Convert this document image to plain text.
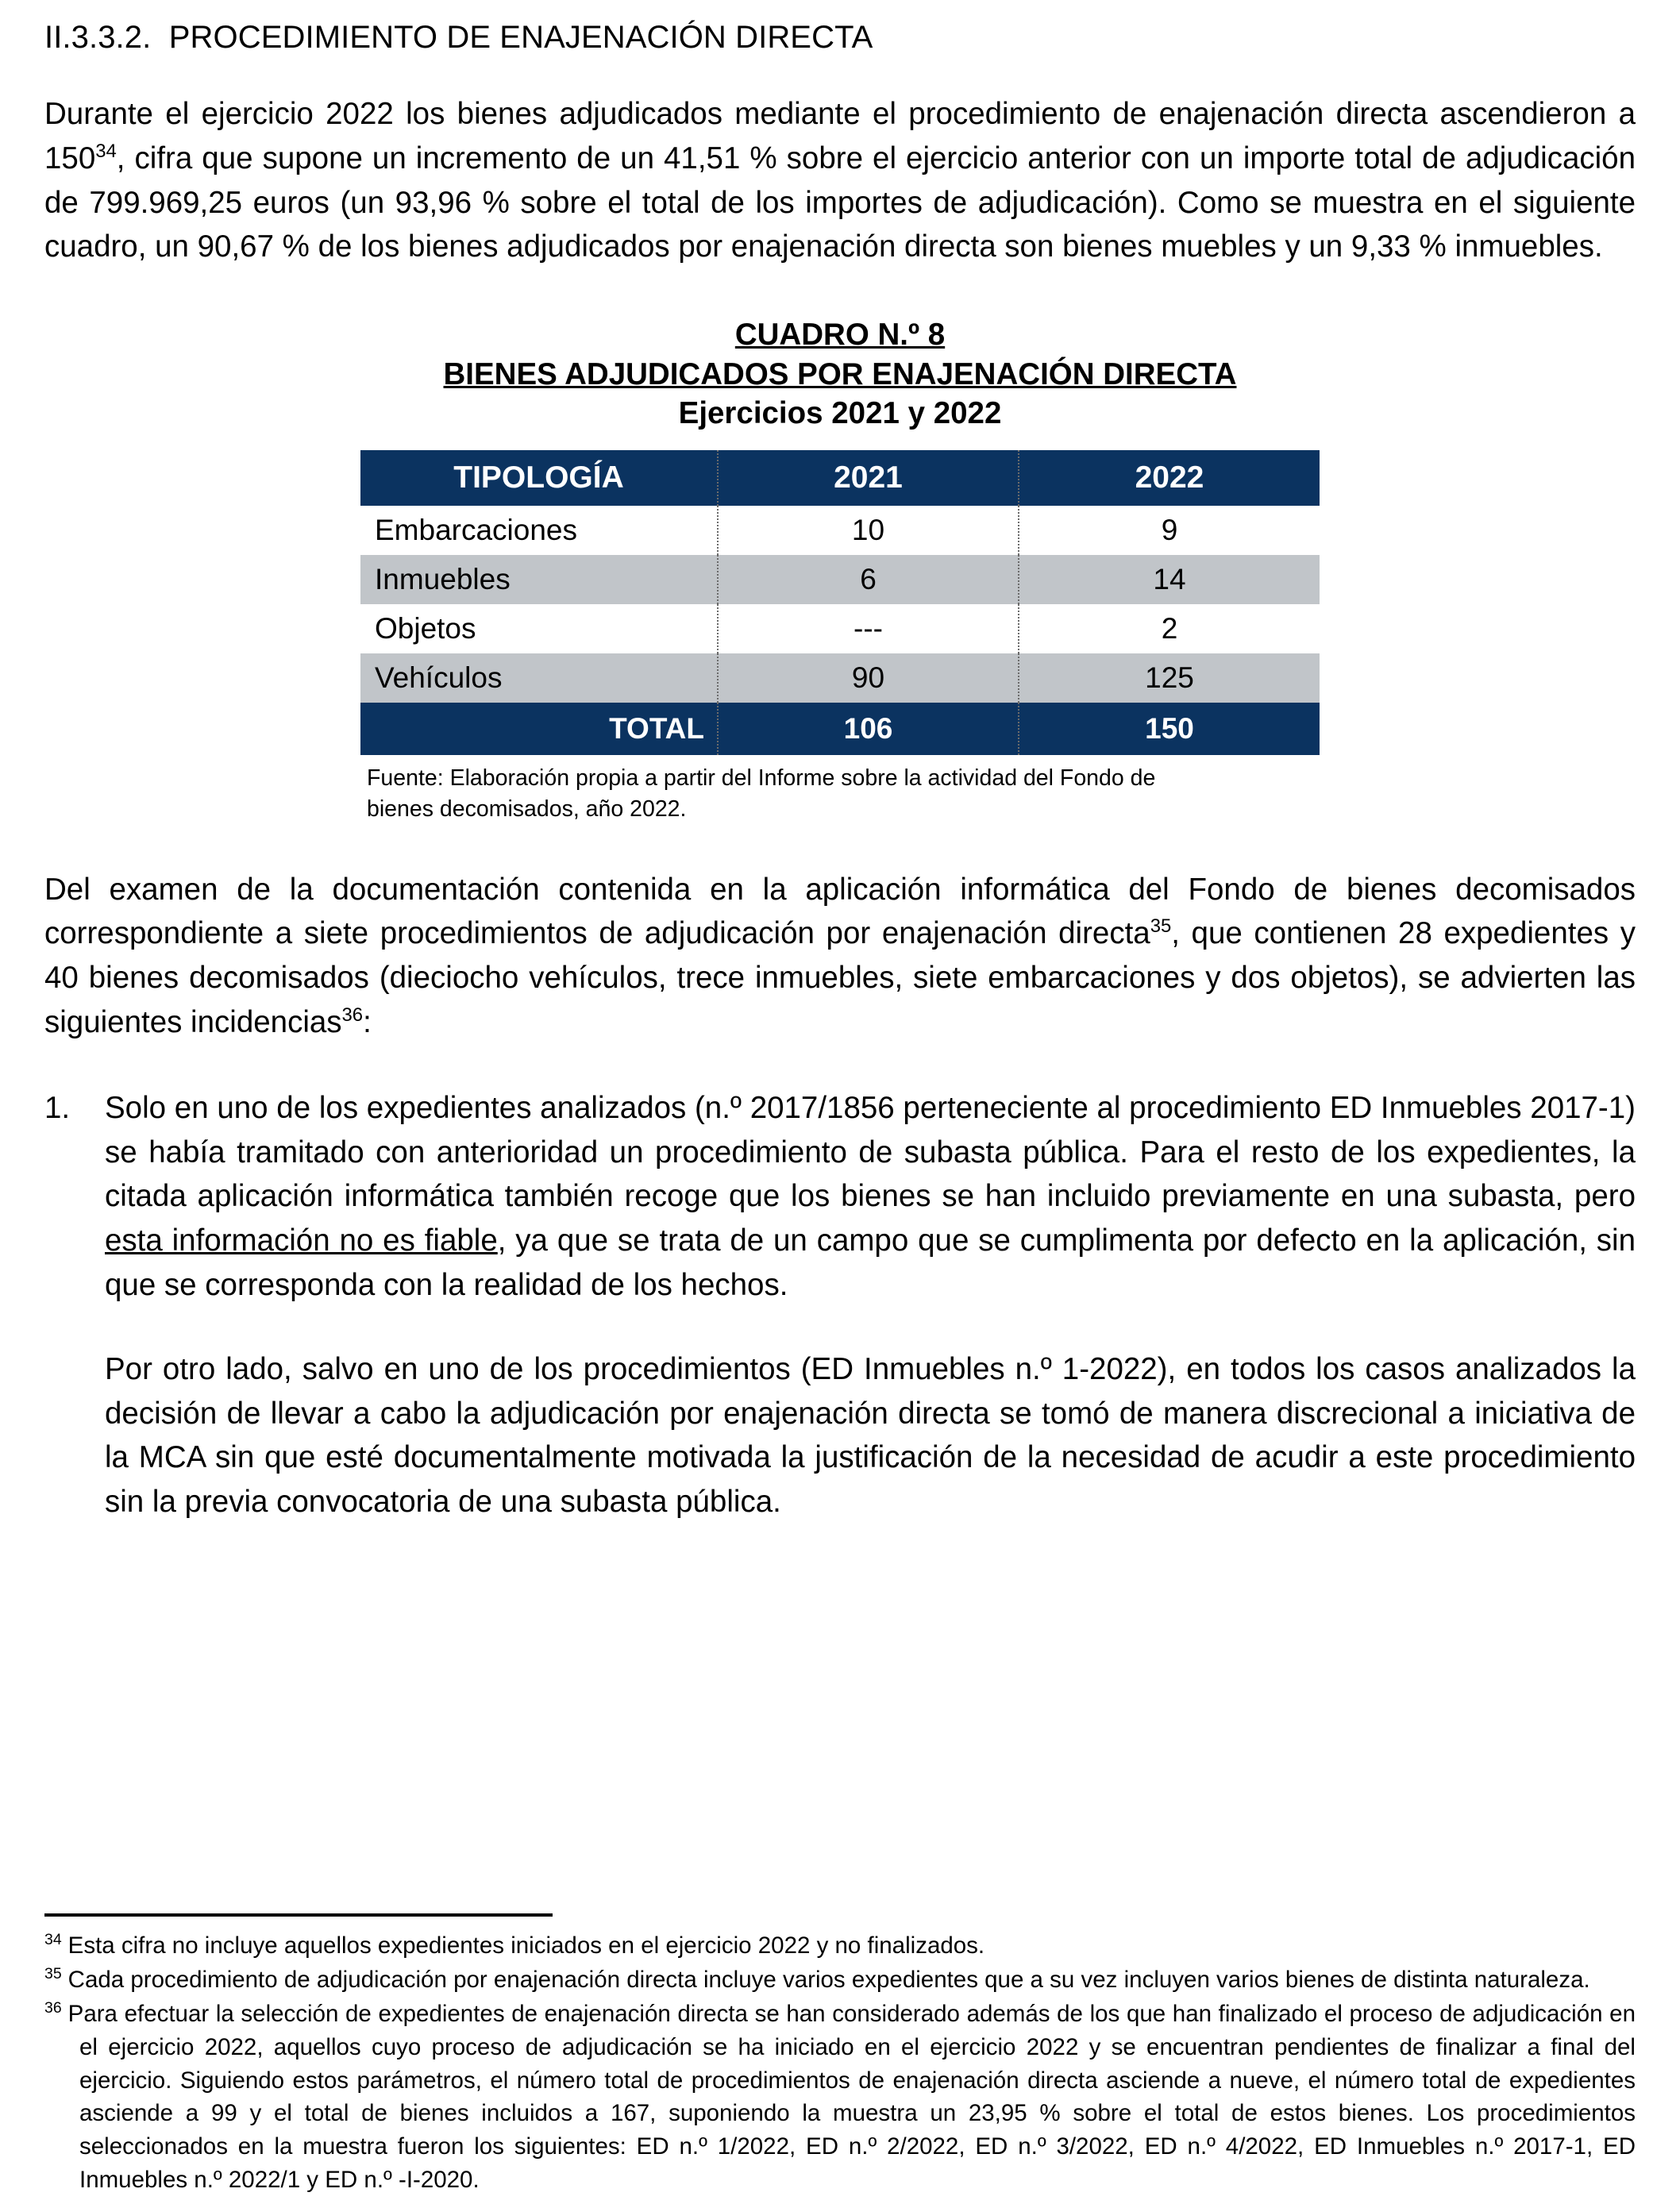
II.3.3.2.  PROCEDIMIENTO DE ENAJENACIÓN DIRECTA

Durante el ejercicio 2022 los bienes adjudicados mediante el procedimiento de enajenación directa ascendieron a 150$^{34}$, cifra que supone un incremento de un 41,51 % sobre el ejercicio anterior con un importe total de adjudicación de 799.969,25 euros (un 93,96 % sobre el total de los importes de adjudicación). Como se muestra en el siguiente cuadro, un 90,67 % de los bienes adjudicados por enajenación directa son bienes muebles y un 9,33 % inmuebles.

CUADRO N.º 8
BIENES ADJUDICADOS POR ENAJENACIÓN DIRECTA
Ejercicios 2021 y 2022
TIPOLOGÍA	2021	2022
Embarcaciones	10	9
Inmuebles	6	14
Objetos	---	2
Vehículos	90	125
TOTAL	106	150
Fuente: Elaboración propia a partir del Informe sobre la actividad del Fondo de
bienes decomisados, año 2022.

Del examen de la documentación contenida en la aplicación informática del Fondo de bienes decomisados correspondiente a siete procedimientos de adjudicación por enajenación directa$^{35}$, que contienen 28 expedientes y 40 bienes decomisados (dieciocho vehículos, trece inmuebles, siete embarcaciones y dos objetos), se advierten las siguientes incidencias$^{36}$:

1.	Solo en uno de los expedientes analizados (n.º 2017/1856 perteneciente al procedimiento ED Inmuebles 2017-1) se había tramitado con anterioridad un procedimiento de subasta pública. Para el resto de los expedientes, la citada aplicación informática también recoge que los bienes se han incluido previamente en una subasta, pero esta información no es fiable, ya que se trata de un campo que se cumplimenta por defecto en la aplicación, sin que se corresponda con la realidad de los hechos.

Por otro lado, salvo en uno de los procedimientos (ED Inmuebles n.º 1-2022), en todos los casos analizados la decisión de llevar a cabo la adjudicación por enajenación directa se tomó de manera discrecional a iniciativa de la MCA sin que esté documentalmente motivada la justificación de la necesidad de acudir a este procedimiento sin la previa convocatoria de una subasta pública.

$^{34}$ Esta cifra no incluye aquellos expedientes iniciados en el ejercicio 2022 y no finalizados.

$^{35}$ Cada procedimiento de adjudicación por enajenación directa incluye varios expedientes que a su vez incluyen varios bienes de distinta naturaleza.

$^{36}$ Para efectuar la selección de expedientes de enajenación directa se han considerado además de los que han finalizado el proceso de adjudicación en el ejercicio 2022, aquellos cuyo proceso de adjudicación se ha iniciado en el ejercicio 2022 y se encuentran pendientes de finalizar a final del ejercicio. Siguiendo estos parámetros, el número total de procedimientos de enajenación directa asciende a nueve, el número total de expedientes asciende a 99 y el total de bienes incluidos a 167, suponiendo la muestra un 23,95 % sobre el total de estos bienes. Los procedimientos seleccionados en la muestra fueron los siguientes: ED n.º 1/2022, ED n.º 2/2022, ED n.º 3/2022, ED n.º 4/2022, ED Inmuebles n.º 2017-1, ED Inmuebles n.º 2022/1 y ED n.º -I-2020.
